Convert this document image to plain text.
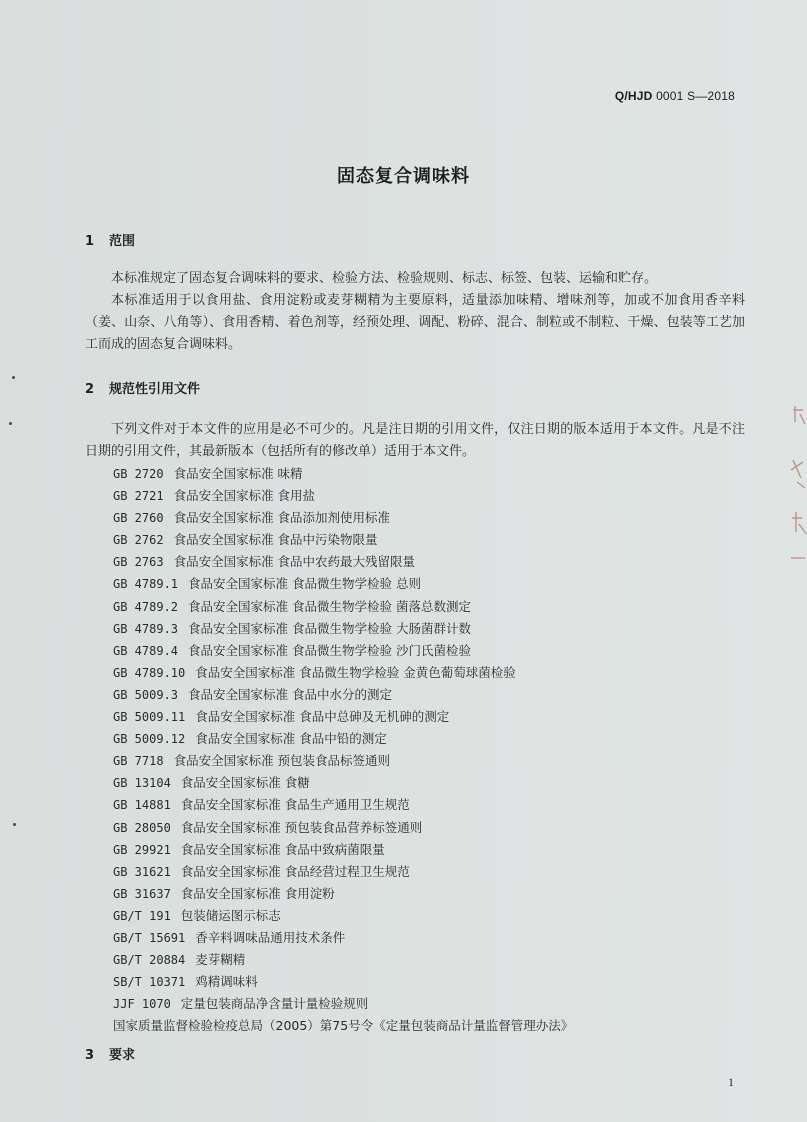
Q/HJD 0001 S—2018
固态复合调味料
1 范围

本标准规定了固态复合调味料的要求、检验方法、检验规则、标志、标签、包装、运输和贮存。

本标准适用于以食用盐、食用淀粉或麦芽糊精为主要原料，适量添加味精、增味剂等，加或不加食用香辛料（姜、山奈、八角等）、食用香精、着色剂等，经预处理、调配、粉碎、混合、制粒或不制粒、干燥、包装等工艺加工而成的固态复合调味料。

2 规范性引用文件

下列文件对于本文件的应用是必不可少的。凡是注日期的引用文件，仅注日期的版本适用于本文件。凡是不注日期的引用文件，其最新版本（包括所有的修改单）适用于本文件。

GB 2720 食品安全国家标准 味精
GB 2721 食品安全国家标准 食用盐
GB 2760 食品安全国家标准 食品添加剂使用标准
GB 2762 食品安全国家标准 食品中污染物限量
GB 2763 食品安全国家标准 食品中农药最大残留限量
GB 4789.1 食品安全国家标准 食品微生物学检验 总则
GB 4789.2 食品安全国家标准 食品微生物学检验 菌落总数测定
GB 4789.3 食品安全国家标准 食品微生物学检验 大肠菌群计数
GB 4789.4 食品安全国家标准 食品微生物学检验 沙门氏菌检验
GB 4789.10 食品安全国家标准 食品微生物学检验 金黄色葡萄球菌检验
GB 5009.3 食品安全国家标准 食品中水分的测定
GB 5009.11 食品安全国家标准 食品中总砷及无机砷的测定
GB 5009.12 食品安全国家标准 食品中铅的测定
GB 7718 食品安全国家标准 预包装食品标签通则
GB 13104 食品安全国家标准 食糖
GB 14881 食品安全国家标准 食品生产通用卫生规范
GB 28050 食品安全国家标准 预包装食品营养标签通则
GB 29921 食品安全国家标准 食品中致病菌限量
GB 31621 食品安全国家标准 食品经营过程卫生规范
GB 31637 食品安全国家标准 食用淀粉
GB/T 191 包装储运图示标志
GB/T 15691 香辛料调味品通用技术条件
GB/T 20884 麦芽糊精
SB/T 10371 鸡精调味料
JJF 1070 定量包装商品净含量计量检验规则
国家质量监督检验检疫总局（2005）第75号令《定量包装商品计量监督管理办法》
3 要求
1
